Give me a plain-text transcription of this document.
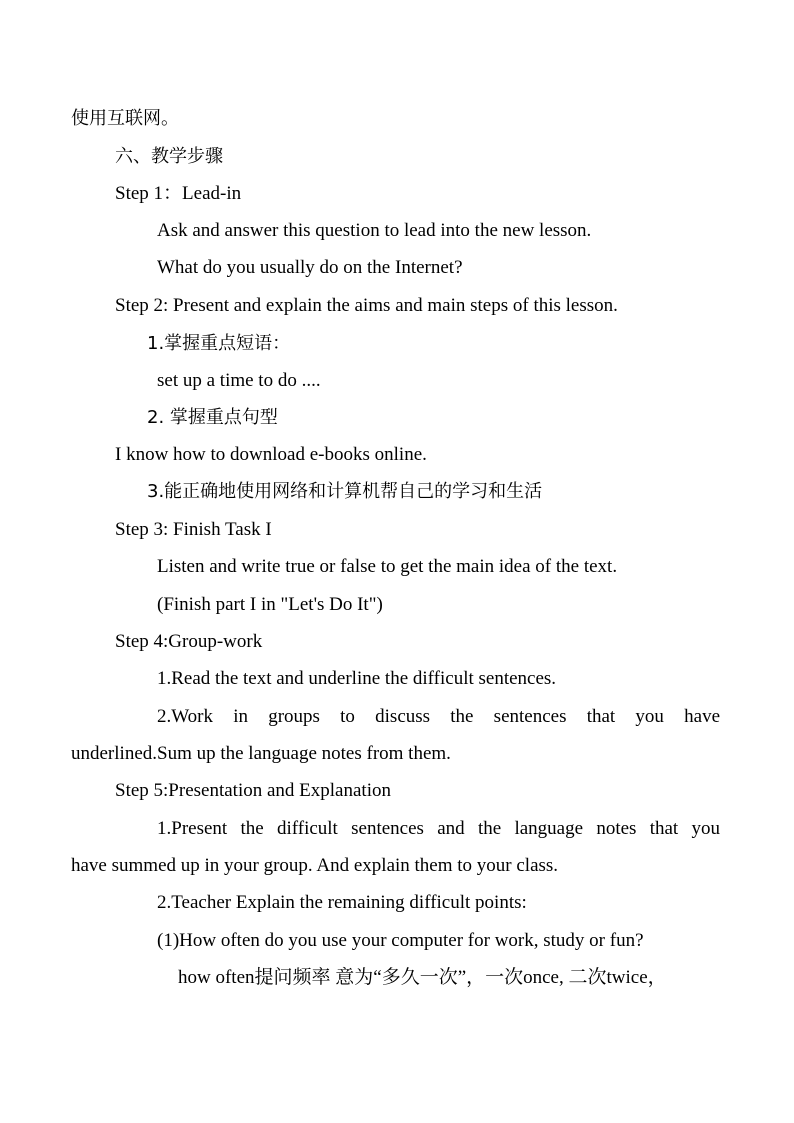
使用互联网。
六、教学步骤
Step 1：Lead-in
Ask and answer this question to lead into the new lesson.
What do you usually do on the Internet?
Step 2: Present and explain the aims and main steps of this lesson.
1.掌握重点短语：
set up a time to do ....
2. 掌握重点句型
I know how to download e-books online.
3.能正确地使用网络和计算机帮自己的学习和生活
Step 3: Finish Task I
Listen and write true or false to get the main idea of the text.
(Finish part I in "Let's Do It")
Step 4:Group-work
1.Read the text and underline the difficult sentences.
2.Work in groups to discuss the sentences that you have
underlined.Sum up the language notes from them.
Step 5:Presentation and Explanation
1.Present the difficult sentences and the language notes that you
have summed up in your group. And explain them to your class.
2.Teacher Explain the remaining difficult points:
(1)How often do you use your computer for work, study or fun?
how often提问频率 意为“多久一次”，一次once, 二次twice，
